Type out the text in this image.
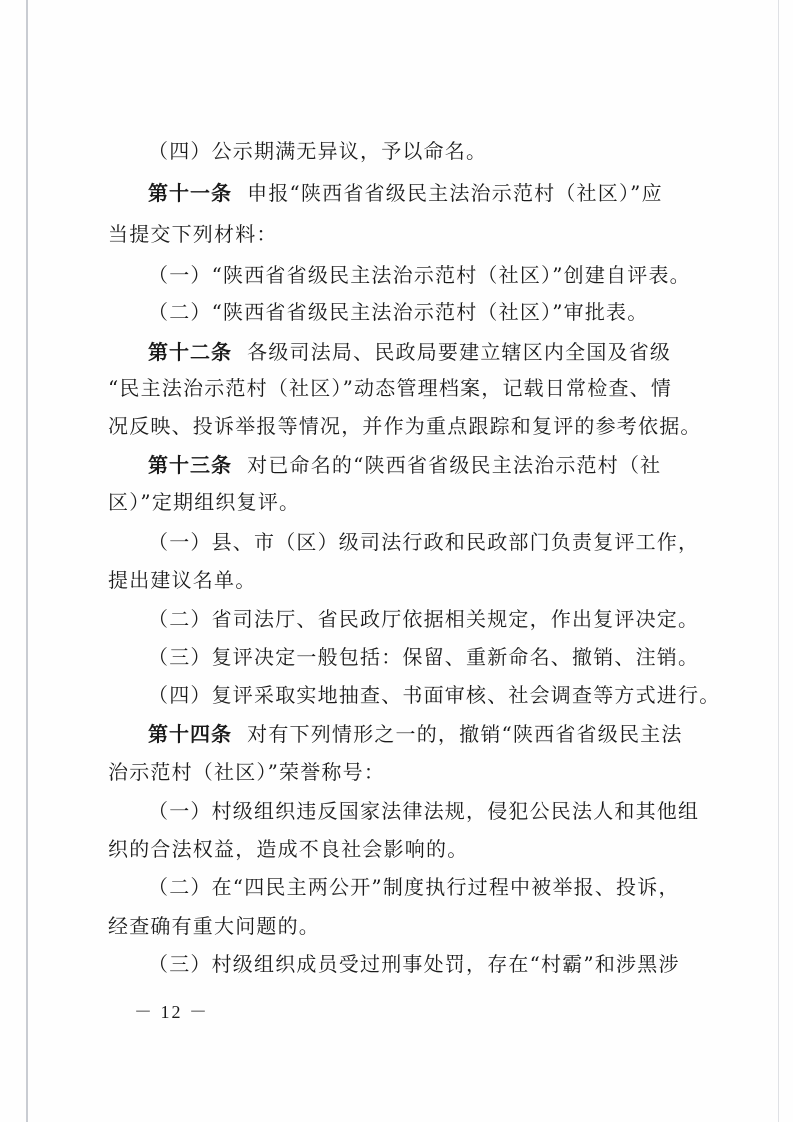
（四）公示期满无异议，予以命名。
第十一条 申报“陕西省省级民主法治示范村（社区）”应
当提交下列材料：
（一）“陕西省省级民主法治示范村（社区）”创建自评表。
（二）“陕西省省级民主法治示范村（社区）”审批表。
第十二条 各级司法局、民政局要建立辖区内全国及省级
“民主法治示范村（社区）”动态管理档案，记载日常检查、情
况反映、投诉举报等情况，并作为重点跟踪和复评的参考依据。
第十三条 对已命名的“陕西省省级民主法治示范村（社
区）”定期组织复评。
（一）县、市（区）级司法行政和民政部门负责复评工作，
提出建议名单。
（二）省司法厅、省民政厅依据相关规定，作出复评决定。
（三）复评决定一般包括：保留、重新命名、撤销、注销。
（四）复评采取实地抽查、书面审核、社会调查等方式进行。
第十四条 对有下列情形之一的，撤销“陕西省省级民主法
治示范村（社区）”荣誉称号：
（一）村级组织违反国家法律法规，侵犯公民法人和其他组
织的合法权益，造成不良社会影响的。
（二）在“四民主两公开”制度执行过程中被举报、投诉，
经查确有重大问题的。
（三）村级组织成员受过刑事处罚，存在“村霸”和涉黑涉
－ 12 －
